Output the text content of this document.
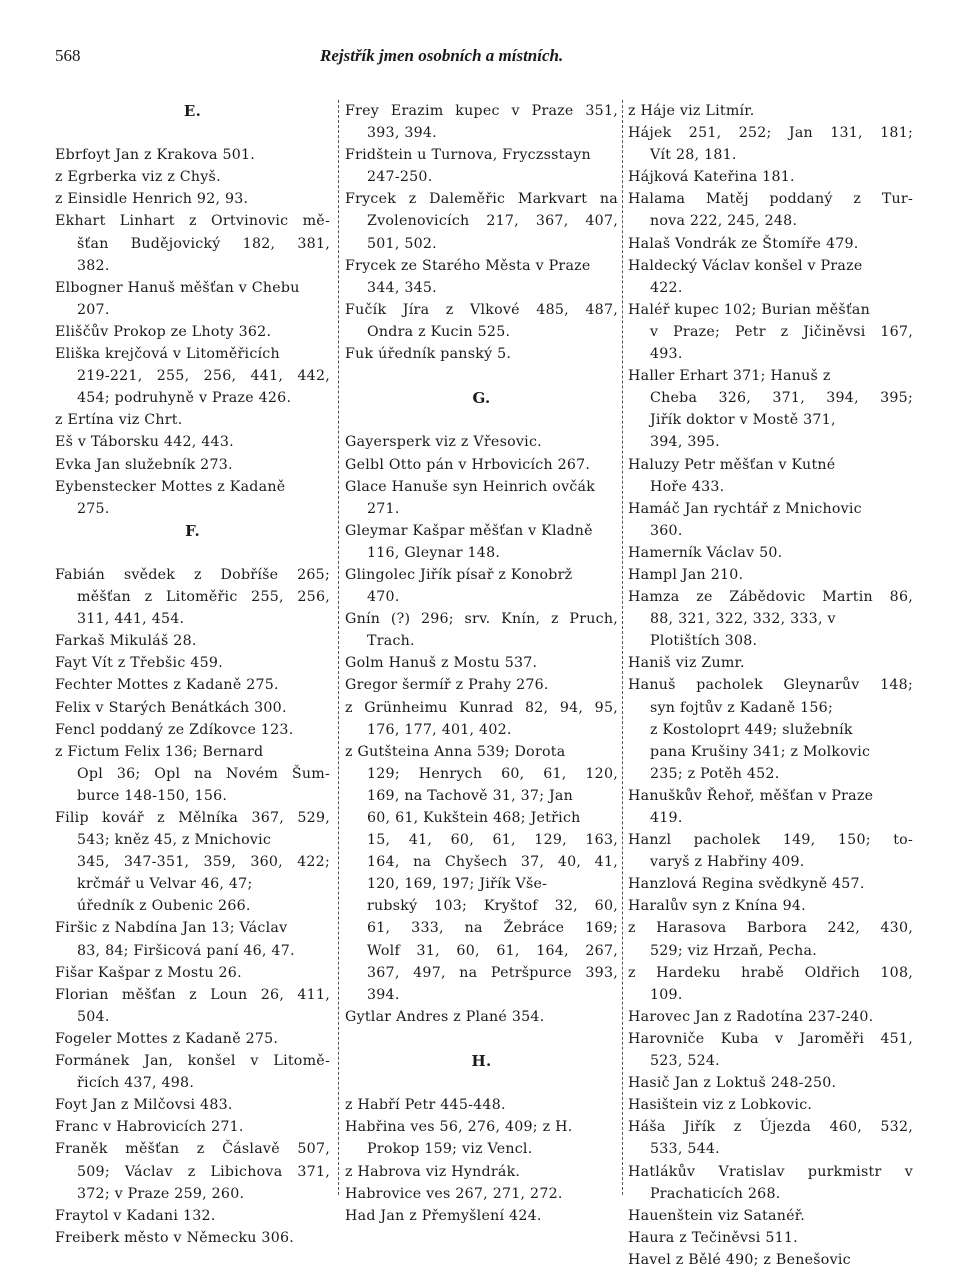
568	Rejstřík jmen osobních a místních.
E.
Ebrfoyt Jan z Krakova 501.
z Egrberka viz z Chyš.
z Einsidle Henrich 92, 93.
Ekhart Linhart z Ortvinovic mě-
šťan Budějovický 182, 381,
382.
Elbogner Hanuš měšťan v Chebu
207.
Eliščův Prokop ze Lhoty 362.
Eliška krejčová v Litoměřicích
219-221, 255, 256, 441, 442,
454; podruhyně v Praze 426.
z Ertína viz Chrt.
Eš v Táborsku 442, 443.
Evka Jan služebník 273.
Eybenstecker Mottes z Kadaně
275.
F.
Fabián svědek z Dobříše 265;
měšťan z Litoměřic 255, 256,
311, 441, 454.
Farkaš Mikuláš 28.
Fayt Vít z Třebšic 459.
Fechter Mottes z Kadaně 275.
Felix v Starých Benátkách 300.
Fencl poddaný ze Zdíkovce 123.
z Fictum Felix 136; Bernard
Opl 36; Opl na Novém Šum-
burce 148-150, 156.
Filip kovář z Mělníka 367, 529,
543; kněz 45, z Mnichovic
345, 347-351, 359, 360, 422;
krčmář u Velvar 46, 47;
úředník z Oubenic 266.
Firšic z Nabdína Jan 13; Václav
83, 84; Firšicová paní 46, 47.
Fišar Kašpar z Mostu 26.
Florian měšťan z Loun 26, 411,
504.
Fogeler Mottes z Kadaně 275.
Formánek Jan, konšel v Litomě-
řicích 437, 498.
Foyt Jan z Milčovsi 483.
Franc v Habrovicích 271.
Franěk měšťan z Čáslavě 507,
509; Václav z Libichova 371,
372; v Praze 259, 260.
Fraytol v Kadani 132.
Freiberk město v Německu 306.
Frey Erazim kupec v Praze 351,
393, 394.
Fridštein u Turnova, Fryczsstayn
247-250.
Frycek z Daleměřic Markvart na
Zvolenovicích 217, 367, 407,
501, 502.
Frycek ze Starého Města v Praze
344, 345.
Fučík Jíra z Vlkové 485, 487,
Ondra z Kucin 525.
Fuk úředník panský 5.
G.
Gayersperk viz z Vřesovic.
Gelbl Otto pán v Hrbovicích 267.
Glace Hanuše syn Heinrich ovčák
271.
Gleymar Kašpar měšťan v Kladně
116, Gleynar 148.
Glingolec Jiřík písař z Konobrž
470.
Gnín (?) 296; srv. Knín, z Pruch,
Trach.
Golm Hanuš z Mostu 537.
Gregor šermíř z Prahy 276.
z Grünheimu Kunrad 82, 94, 95,
176, 177, 401, 402.
z Gutšteina Anna 539; Dorota
129; Henrych 60, 61, 120,
169, na Tachově 31, 37; Jan
60, 61, Kukštein 468; Jetřich
15, 41, 60, 61, 129, 163,
164, na Chyšech 37, 40, 41,
120, 169, 197; Jiřík Vše-
rubský 103; Kryštof 32, 60,
61, 333, na Žebráce 169;
Wolf 31, 60, 61, 164, 267,
367, 497, na Petršpurce 393,
394.
Gytlar Andres z Plané 354.
H.
z Habří Petr 445-448.
Habřina ves 56, 276, 409; z H.
Prokop 159; viz Vencl.
z Habrova viz Hyndrák.
Habrovice ves 267, 271, 272.
Had Jan z Přemyšlení 424.
z Háje viz Litmír.
Hájek 251, 252; Jan 131, 181;
Vít 28, 181.
Hájková Kateřina 181.
Halama Matěj poddaný z Tur-
nova 222, 245, 248.
Halaš Vondrák ze Štomíře 479.
Haldecký Václav konšel v Praze
422.
Haléř kupec 102; Burian měšťan
v Praze; Petr z Jičiněvsi 167,
493.
Haller Erhart 371; Hanuš z
Cheba 326, 371, 394, 395;
Jiřík doktor v Mostě 371,
394, 395.
Haluzy Petr měšťan v Kutné
Hoře 433.
Hamáč Jan rychtář z Mnichovic
360.
Hamerník Václav 50.
Hampl Jan 210.
Hamza ze Zábědovic Martin 86,
88, 321, 322, 332, 333, v
Plotištích 308.
Haniš viz Zumr.
Hanuš pacholek Gleynarův 148;
syn fojtův z Kadaně 156;
z Kostoloprt 449; služebník
pana Krušiny 341; z Molkovic
235; z Potěh 452.
Hanuškův Řehoř, měšťan v Praze
419.
Hanzl pacholek 149, 150; to-
varyš z Habřiny 409.
Hanzlová Regina svědkyně 457.
Haralův syn z Knína 94.
z Harasova Barbora 242, 430,
529; viz Hrzaň, Pecha.
z Hardeku hrabě Oldřich 108,
109.
Harovec Jan z Radotína 237-240.
Harovniče Kuba v Jaroměři 451,
523, 524.
Hasič Jan z Loktuš 248-250.
Hasištein viz z Lobkovic.
Háša Jiřík z Újezda 460, 532,
533, 544.
Hatlákův Vratislav purkmistr v
Prachaticích 268.
Hauenštein viz Satanéř.
Haura z Tečiněvsi 511.
Havel z Bělé 490; z Benešovic
